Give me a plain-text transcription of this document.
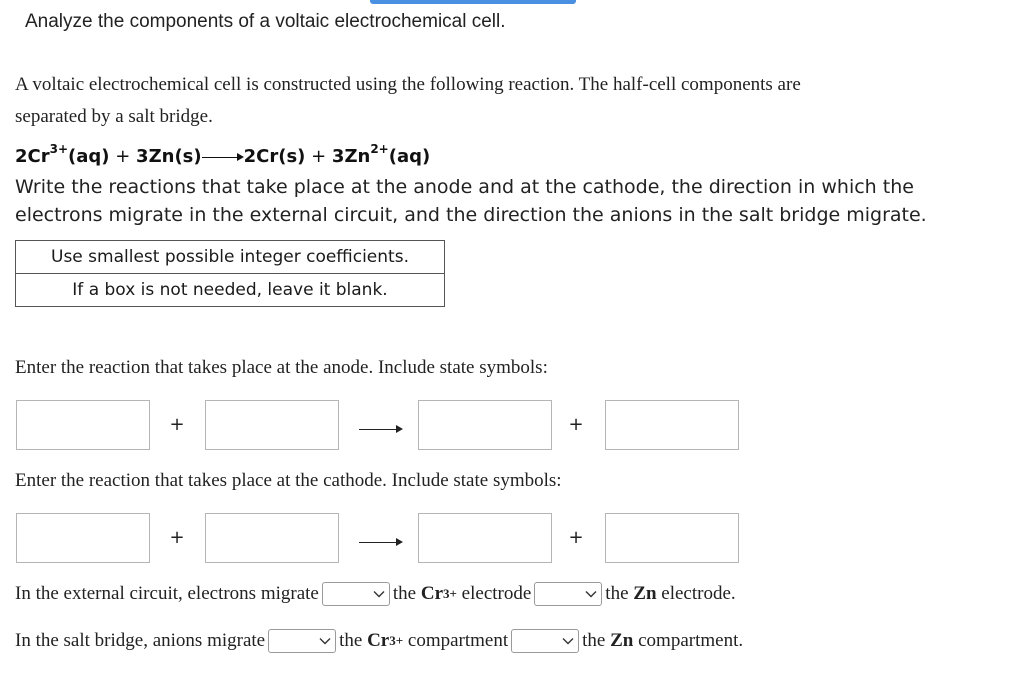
Analyze the components of a voltaic electrochemical cell.
A voltaic electrochemical cell is constructed using the following reaction. The half-cell components are
separated by a salt bridge.
$2Cr^{3+}(aq) + 3Zn(s) 2Cr(s) + 3Zn^{2+}(aq)$
Write the reactions that take place at the anode and at the cathode, the direction in which the
electrons migrate in the external circuit, and the direction the anions in the salt bridge migrate.
Use smallest possible integer coefficients.
If a box is not needed, leave it blank.
Enter the reaction that takes place at the anode. Include state symbols:
+	+
Enter the reaction that takes place at the cathode. Include state symbols:
+	+
In the external circuit, electrons migrate	the Cr 3+ electrode	the Zn electrode.
In the salt bridge, anions migrate	the Cr 3+ compartment	the Zn compartment.
